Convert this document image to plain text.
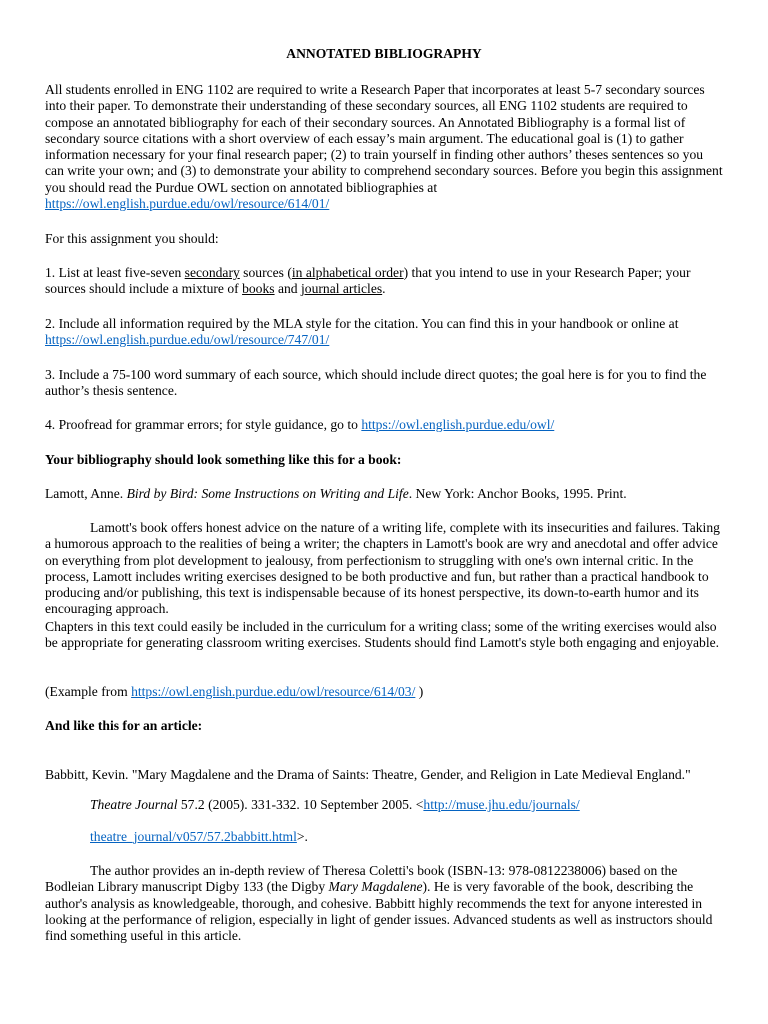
ANNOTATED BIBLIOGRAPHY

All students enrolled in ENG 1102 are required to write a Research Paper that incorporates at least 5-7 secondary sources into their paper. To demonstrate their understanding of these secondary sources, all ENG 1102 students are required to compose an annotated bibliography for each of their secondary sources. An Annotated Bibliography is a formal list of secondary source citations with a short overview of each essay’s main argument. The educational goal is (1) to gather information necessary for your final research paper; (2) to train yourself in finding other authors’ theses sentences so you can write your own; and (3) to demonstrate your ability to comprehend secondary sources. Before you begin this assignment you should read the Purdue OWL section on annotated bibliographies at https://owl.english.purdue.edu/owl/resource/614/01/

For this assignment you should:

1. List at least five-seven secondary sources (in alphabetical order) that you intend to use in your Research Paper; your sources should include a mixture of books and journal articles.

2. Include all information required by the MLA style for the citation. You can find this in your handbook or online at https://owl.english.purdue.edu/owl/resource/747/01/

3. Include a 75-100 word summary of each source, which should include direct quotes; the goal here is for you to find the author’s thesis sentence.

4. Proofread for grammar errors; for style guidance, go to https://owl.english.purdue.edu/owl/

Your bibliography should look something like this for a book:

Lamott, Anne. Bird by Bird: Some Instructions on Writing and Life. New York: Anchor Books, 1995. Print.

Lamott's book offers honest advice on the nature of a writing life, complete with its insecurities and failures. Taking a humorous approach to the realities of being a writer; the chapters in Lamott's book are wry and anecdotal and offer advice on everything from plot development to jealousy, from perfectionism to struggling with one's own internal critic. In the process, Lamott includes writing exercises designed to be both productive and fun, but rather than a practical handbook to producing and/or publishing, this text is indispensable because of its honest perspective, its down-to-earth humor and its encouraging approach.

Chapters in this text could easily be included in the curriculum for a writing class; some of the writing exercises would also be appropriate for generating classroom writing exercises. Students should find Lamott's style both engaging and enjoyable.

(Example from https://owl.english.purdue.edu/owl/resource/614/03/ )

And like this for an article:

Babbitt, Kevin. "Mary Magdalene and the Drama of Saints: Theatre, Gender, and Religion in Late Medieval England."

Theatre Journal 57.2 (2005). 331-332. 10 September 2005. <http://muse.jhu.edu/journals/

theatre_journal/v057/57.2babbitt.html>.

The author provides an in-depth review of Theresa Coletti's book (ISBN-13: 978-0812238006) based on the Bodleian Library manuscript Digby 133 (the Digby Mary Magdalene). He is very favorable of the book, describing the author's analysis as knowledgeable, thorough, and cohesive. Babbitt highly recommends the text for anyone interested in looking at the performance of religion, especially in light of gender issues. Advanced students as well as instructors should find something useful in this article.
